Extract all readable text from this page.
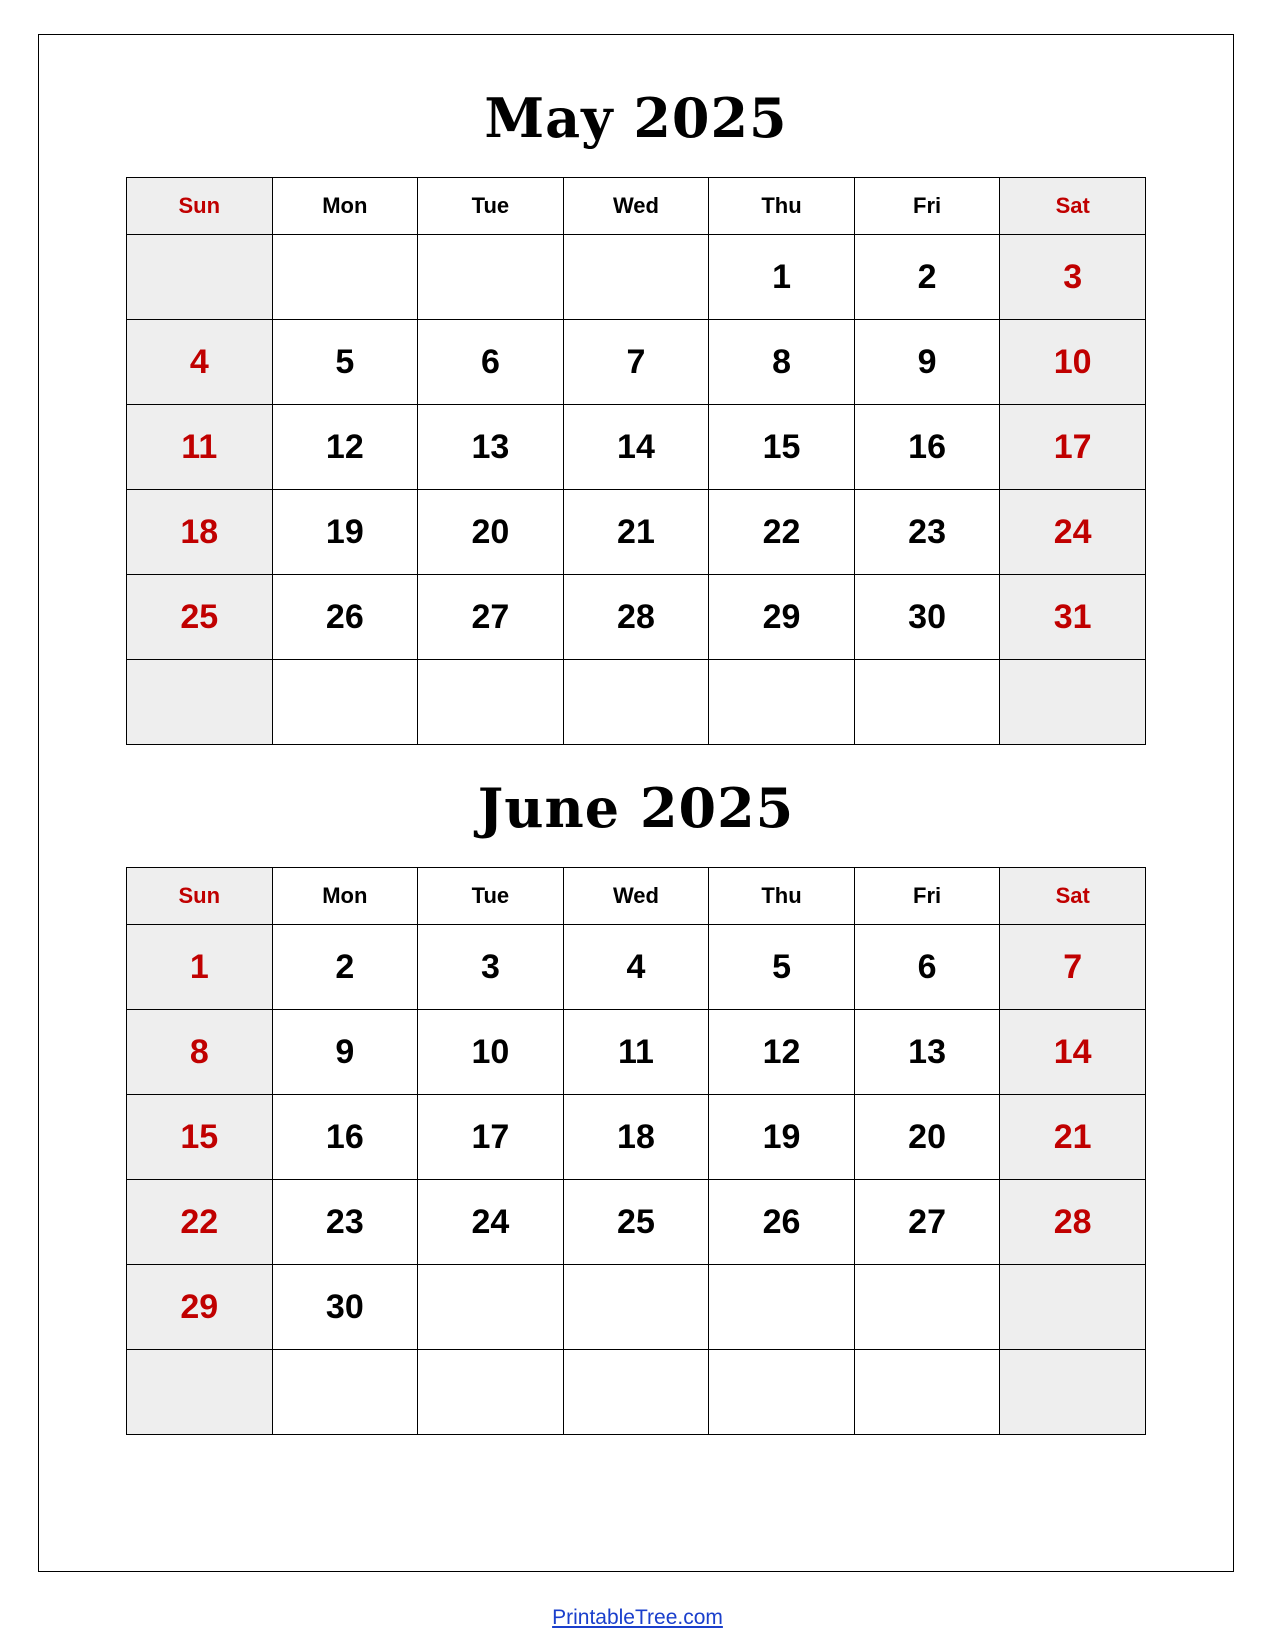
May 2025
Sun	Mon	Tue	Wed	Thu	Fri	Sat
				1	2	3
4	5	6	7	8	9	10
11	12	13	14	15	16	17
18	19	20	21	22	23	24
25	26	27	28	29	30	31

June 2025
Sun	Mon	Tue	Wed	Thu	Fri	Sat
1	2	3	4	5	6	7
8	9	10	11	12	13	14
15	16	17	18	19	20	21
22	23	24	25	26	27	28
29	30					

PrintableTree.com
